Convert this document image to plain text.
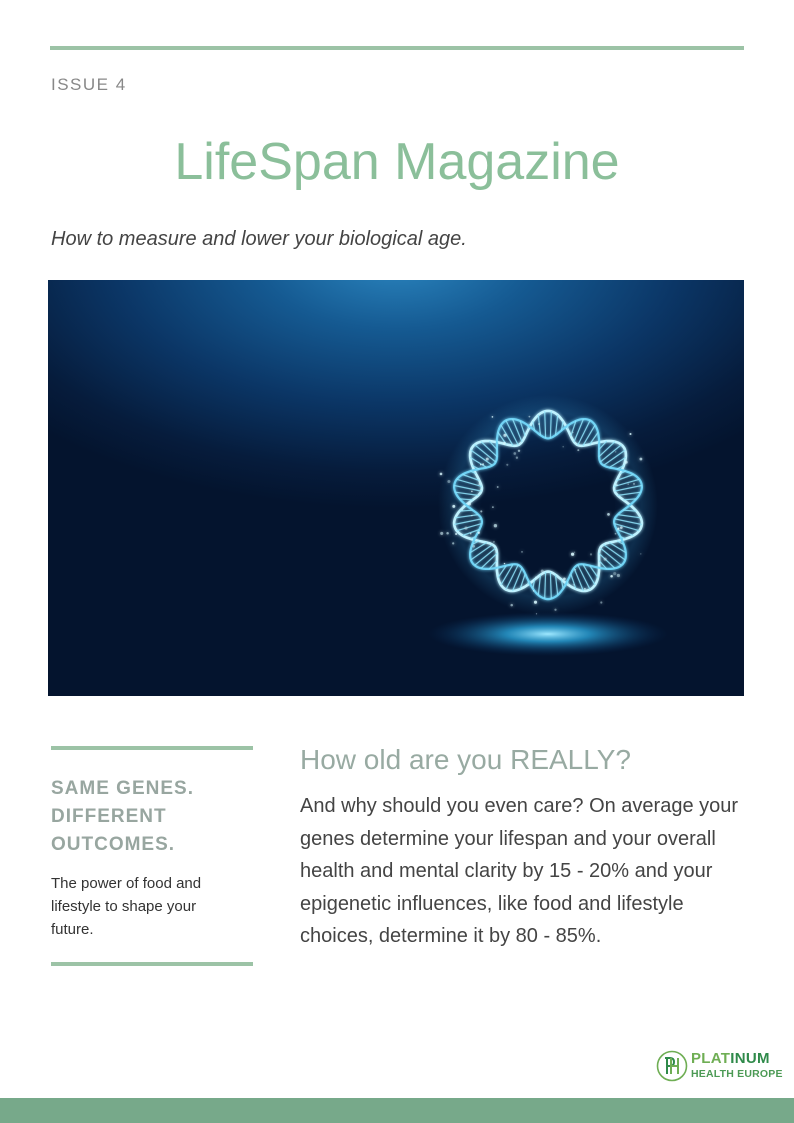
ISSUE 4
LifeSpan Magazine
How to measure and lower your biological age.
SAME GENES.
DIFFERENT
OUTCOMES.
The power of food and lifestyle to shape your future.
How old are you REALLY?
And why should you even care? On average your genes determine your lifespan and your overall health and mental clarity by 15 - 20% and your epigenetic influences, like food and lifestyle choices, determine it by 80 - 85%.
PLATINUM
HEALTH EUROPE
